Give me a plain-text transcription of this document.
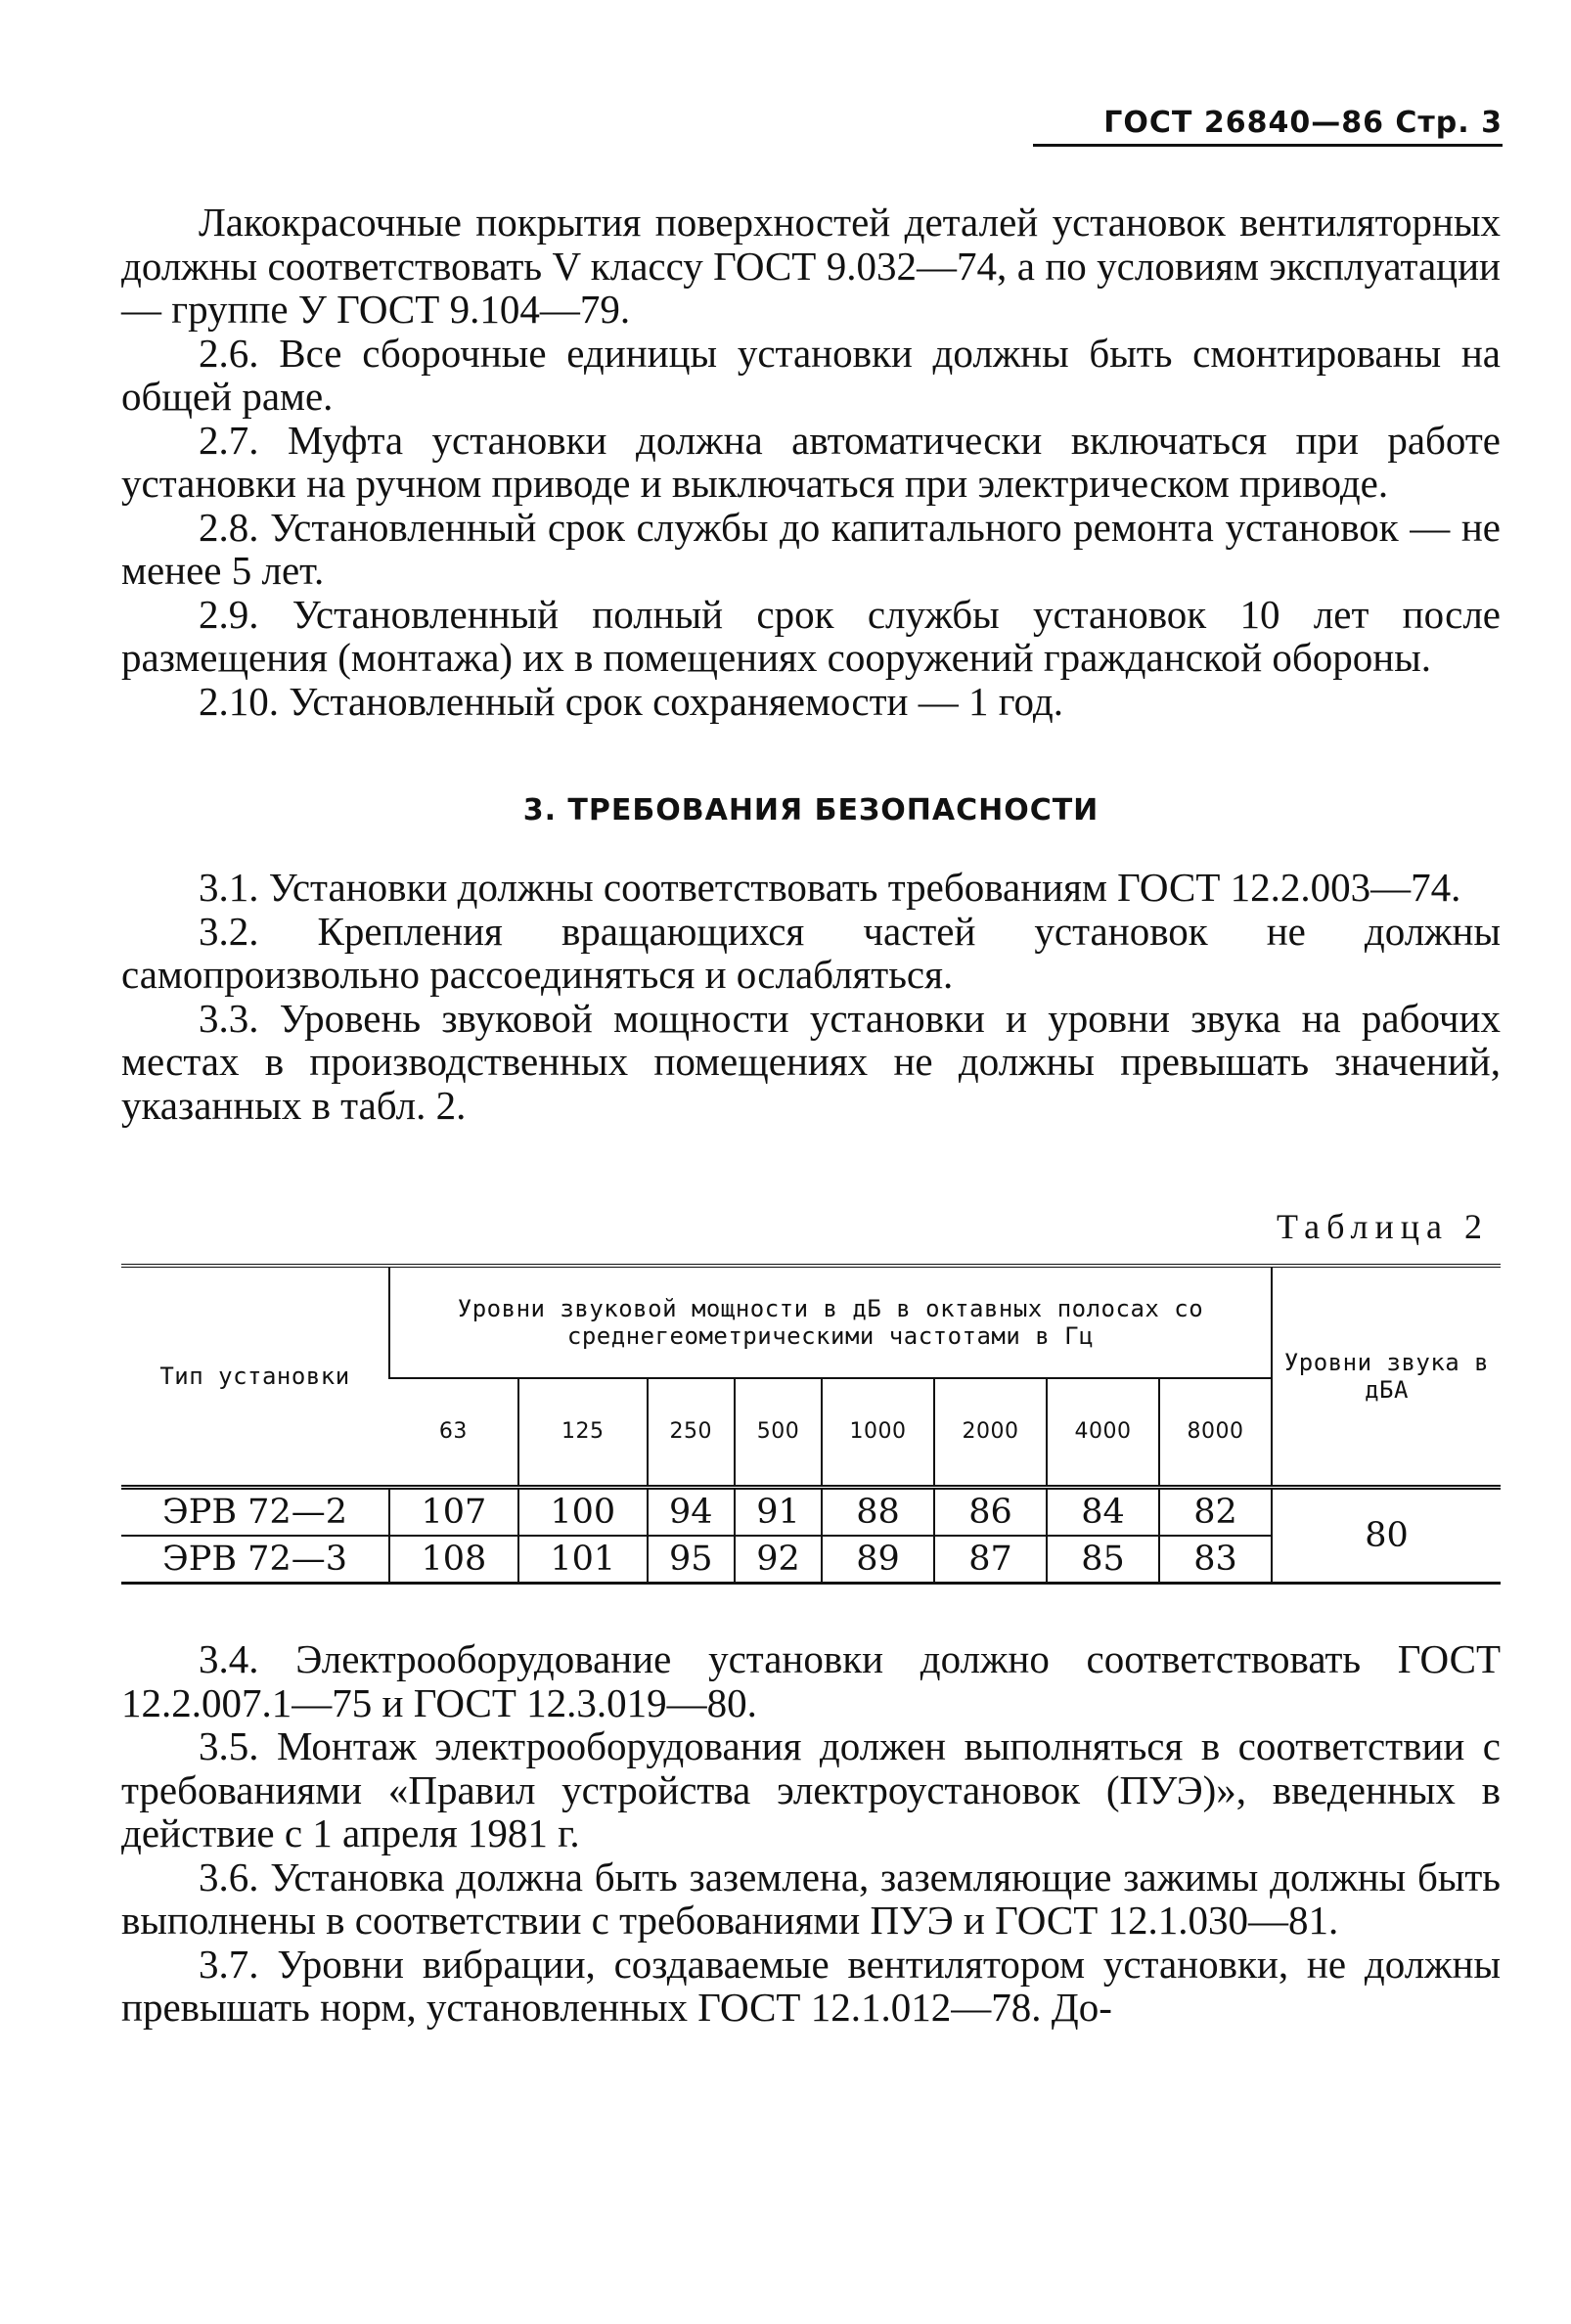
ГОСТ 26840—86 Стр. 3

Лакокрасочные покрытия поверхностей деталей установок вентиляторных должны соответствовать V классу ГОСТ 9.032—74, а по условиям эксплуатации — группе У ГОСТ 9.104—79.

2.6. Все сборочные единицы установки должны быть смонтированы на общей раме.

2.7. Муфта установки должна автоматически включаться при работе установки на ручном приводе и выключаться при электрическом приводе.

2.8. Установленный срок службы до капитального ремонта установок — не менее 5 лет.

2.9. Установленный полный срок службы установок 10 лет после размещения (монтажа) их в помещениях сооружений гражданской обороны.

2.10. Установленный срок сохраняемости — 1 год.

3. ТРЕБОВАНИЯ БЕЗОПАСНОСТИ

3.1. Установки должны соответствовать требованиям ГОСТ 12.2.003—74.

3.2. Крепления вращающихся частей установок не должны самопроизвольно рассоединяться и ослабляться.

3.3. Уровень звуковой мощности установки и уровни звука на рабочих местах в производственных помещениях не должны превышать значений, указанных в табл. 2.

Таблица 2
Тип установки	Уровни звуковой мощности в дБ в октавных полосах со среднегеометрическими частотами в Гц								Уровни звука в дБА
	63	125	250	500	1000	2000	4000	8000	
ЭРВ 72—2	107	100	94	91	88	86	84	82	80
ЭРВ 72—3	108	101	95	92	89	87	85	83	

3.4. Электрооборудование установки должно соответствовать ГОСТ 12.2.007.1—75 и ГОСТ 12.3.019—80.

3.5. Монтаж электрооборудования должен выполняться в соответствии с требованиями «Правил устройства электроустановок (ПУЭ)», введенных в действие с 1 апреля 1981 г.

3.6. Установка должна быть заземлена, заземляющие зажимы должны быть выполнены в соответствии с требованиями ПУЭ и ГОСТ 12.1.030—81.

3.7. Уровни вибрации, создаваемые вентилятором установки, не должны превышать норм, установленных ГОСТ 12.1.012—78. До-
